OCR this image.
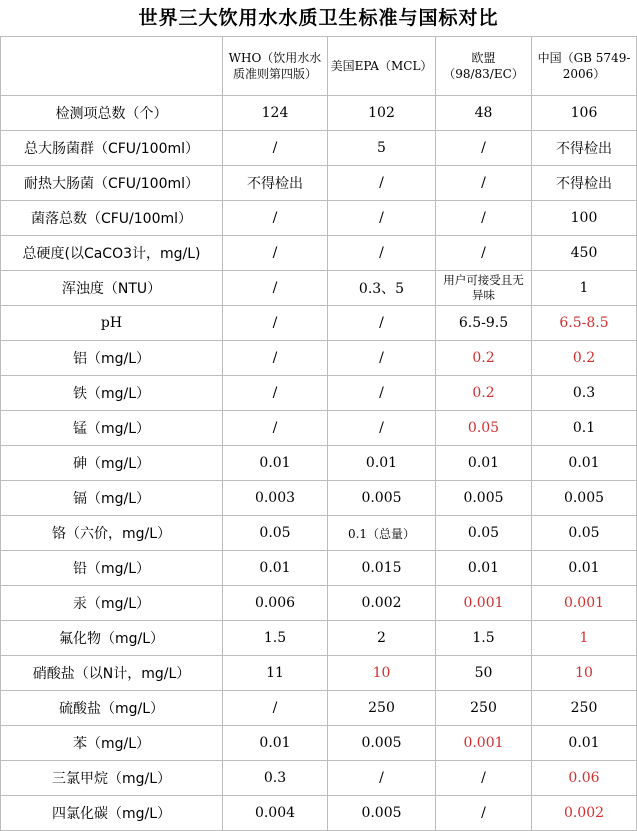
世界三大饮用水水质卫生标准与国标对比
	WHO（饮用水水质准则第四版）	美国EPA（MCL）	欧盟（98/83/EC）	中国（GB 5749-2006）
检测项总数（个）	124	102	48	106
总大肠菌群（CFU/100ml）	/	5	/	不得检出
耐热大肠菌（CFU/100ml）	不得检出	/	/	不得检出
菌落总数（CFU/100ml）	/	/	/	100
总硬度(以CaCO3计，mg/L)	/	/	/	450
浑浊度（NTU）	/	0.3、5	用户可接受且无异味	1
pH	/	/	6.5-9.5	6.5-8.5
铝（mg/L）	/	/	0.2	0.2
铁（mg/L）	/	/	0.2	0.3
锰（mg/L）	/	/	0.05	0.1
砷（mg/L）	0.01	0.01	0.01	0.01
镉（mg/L）	0.003	0.005	0.005	0.005
铬（六价，mg/L）	0.05	0.1（总量）	0.05	0.05
铅（mg/L）	0.01	0.015	0.01	0.01
汞（mg/L）	0.006	0.002	0.001	0.001
氟化物（mg/L）	1.5	2	1.5	1
硝酸盐（以N计，mg/L）	11	10	50	10
硫酸盐（mg/L）	/	250	250	250
苯（mg/L）	0.01	0.005	0.001	0.01
三氯甲烷（mg/L）	0.3	/	/	0.06
四氯化碳（mg/L）	0.004	0.005	/	0.002
